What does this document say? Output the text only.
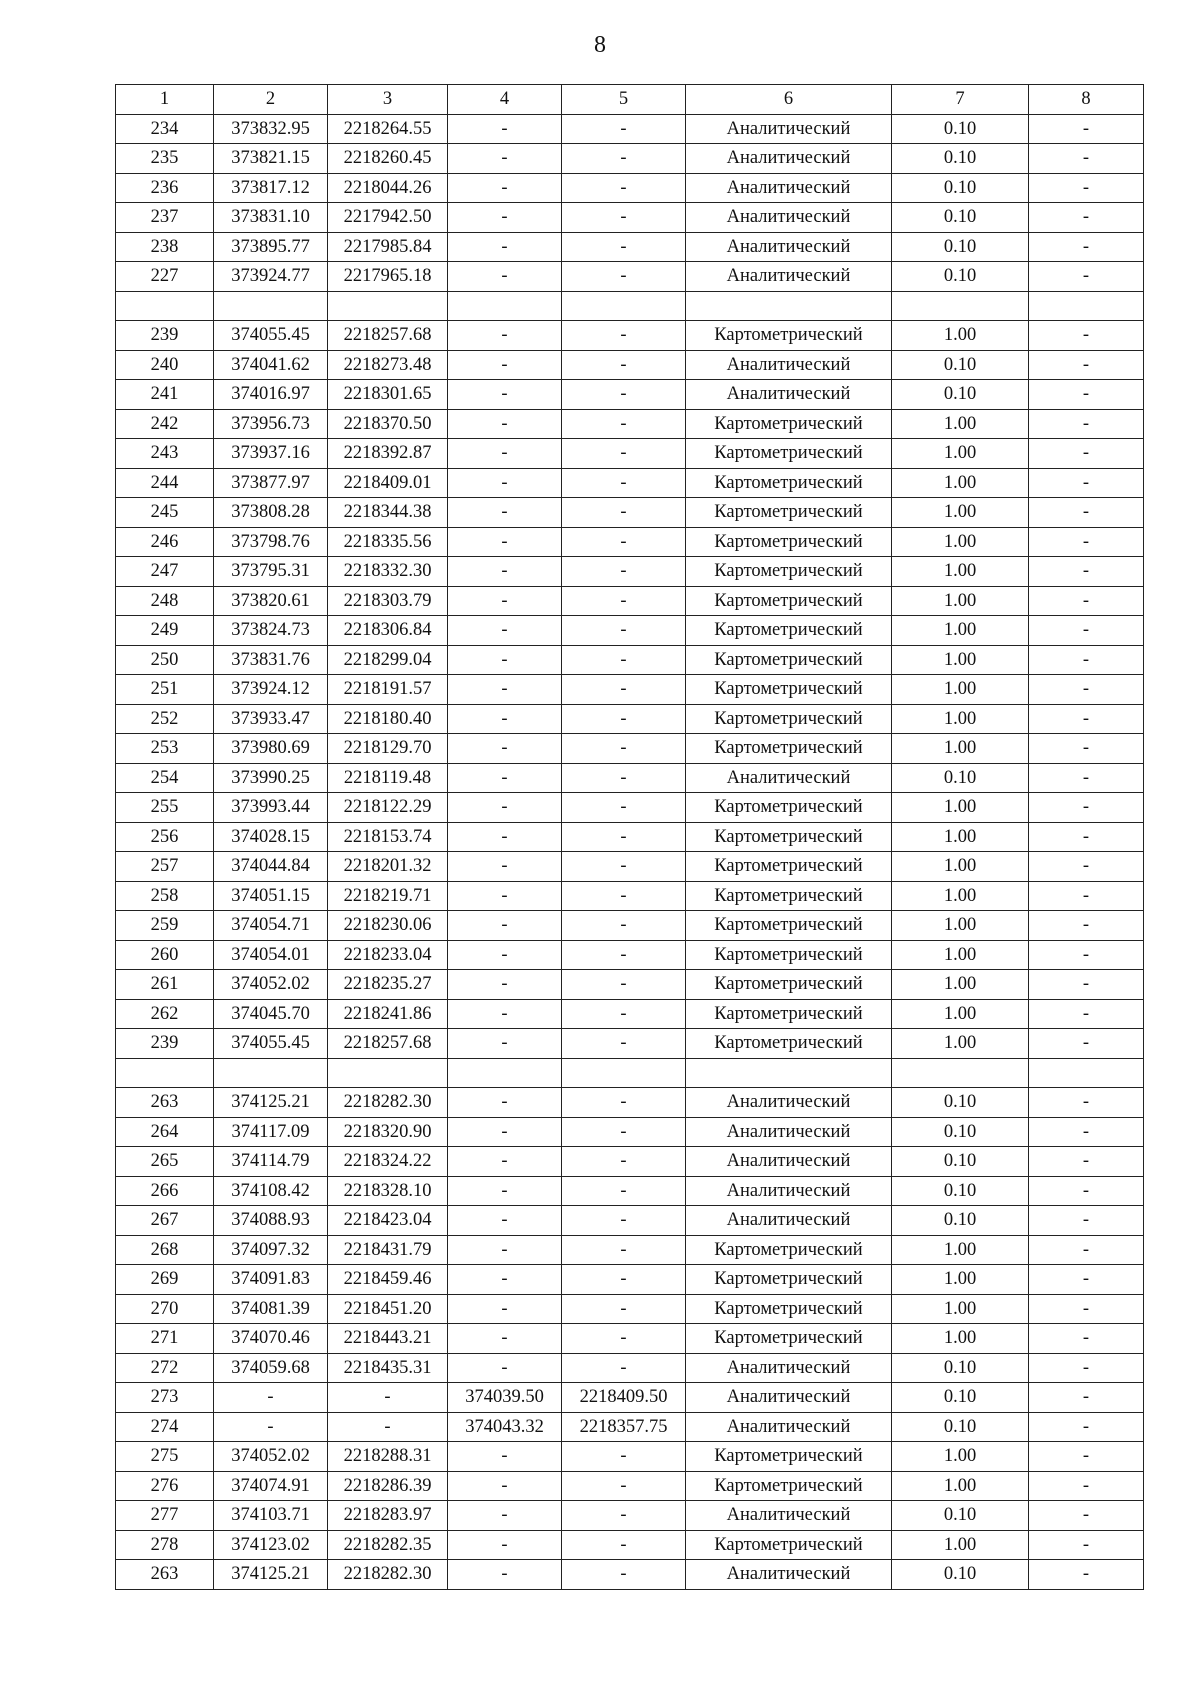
8
1	2	3	4	5	6	7	8
234	373832.95	2218264.55	-	-	Аналитический	0.10	-
235	373821.15	2218260.45	-	-	Аналитический	0.10	-
236	373817.12	2218044.26	-	-	Аналитический	0.10	-
237	373831.10	2217942.50	-	-	Аналитический	0.10	-
238	373895.77	2217985.84	-	-	Аналитический	0.10	-
227	373924.77	2217965.18	-	-	Аналитический	0.10	-

239	374055.45	2218257.68	-	-	Картометрический	1.00	-
240	374041.62	2218273.48	-	-	Аналитический	0.10	-
241	374016.97	2218301.65	-	-	Аналитический	0.10	-
242	373956.73	2218370.50	-	-	Картометрический	1.00	-
243	373937.16	2218392.87	-	-	Картометрический	1.00	-
244	373877.97	2218409.01	-	-	Картометрический	1.00	-
245	373808.28	2218344.38	-	-	Картометрический	1.00	-
246	373798.76	2218335.56	-	-	Картометрический	1.00	-
247	373795.31	2218332.30	-	-	Картометрический	1.00	-
248	373820.61	2218303.79	-	-	Картометрический	1.00	-
249	373824.73	2218306.84	-	-	Картометрический	1.00	-
250	373831.76	2218299.04	-	-	Картометрический	1.00	-
251	373924.12	2218191.57	-	-	Картометрический	1.00	-
252	373933.47	2218180.40	-	-	Картометрический	1.00	-
253	373980.69	2218129.70	-	-	Картометрический	1.00	-
254	373990.25	2218119.48	-	-	Аналитический	0.10	-
255	373993.44	2218122.29	-	-	Картометрический	1.00	-
256	374028.15	2218153.74	-	-	Картометрический	1.00	-
257	374044.84	2218201.32	-	-	Картометрический	1.00	-
258	374051.15	2218219.71	-	-	Картометрический	1.00	-
259	374054.71	2218230.06	-	-	Картометрический	1.00	-
260	374054.01	2218233.04	-	-	Картометрический	1.00	-
261	374052.02	2218235.27	-	-	Картометрический	1.00	-
262	374045.70	2218241.86	-	-	Картометрический	1.00	-
239	374055.45	2218257.68	-	-	Картометрический	1.00	-

263	374125.21	2218282.30	-	-	Аналитический	0.10	-
264	374117.09	2218320.90	-	-	Аналитический	0.10	-
265	374114.79	2218324.22	-	-	Аналитический	0.10	-
266	374108.42	2218328.10	-	-	Аналитический	0.10	-
267	374088.93	2218423.04	-	-	Аналитический	0.10	-
268	374097.32	2218431.79	-	-	Картометрический	1.00	-
269	374091.83	2218459.46	-	-	Картометрический	1.00	-
270	374081.39	2218451.20	-	-	Картометрический	1.00	-
271	374070.46	2218443.21	-	-	Картометрический	1.00	-
272	374059.68	2218435.31	-	-	Аналитический	0.10	-
273	-	-	374039.50	2218409.50	Аналитический	0.10	-
274	-	-	374043.32	2218357.75	Аналитический	0.10	-
275	374052.02	2218288.31	-	-	Картометрический	1.00	-
276	374074.91	2218286.39	-	-	Картометрический	1.00	-
277	374103.71	2218283.97	-	-	Аналитический	0.10	-
278	374123.02	2218282.35	-	-	Картометрический	1.00	-
263	374125.21	2218282.30	-	-	Аналитический	0.10	-
